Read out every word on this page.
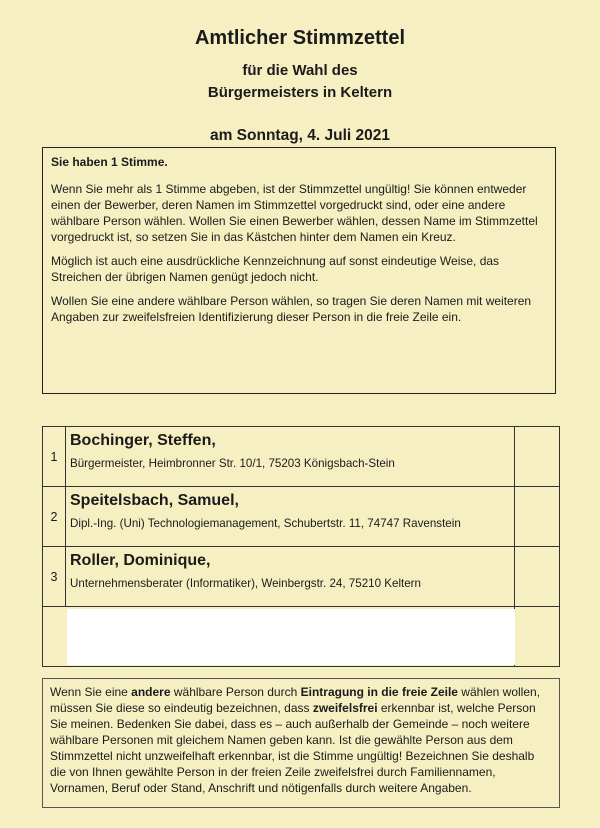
Amtlicher Stimmzettel
für die Wahl des
Bürgermeisters in Keltern
am Sonntag, 4. Juli 2021

Sie haben 1 Stimme.

Wenn Sie mehr als 1 Stimme abgeben, ist der Stimmzettel ungültig! Sie können entweder einen der Bewerber, deren Namen im Stimmzettel vorgedruckt sind, oder eine andere wählbare Person wählen. Wollen Sie einen Bewerber wählen, dessen Name im Stimmzettel vorgedruckt ist, so setzen Sie in das Kästchen hinter dem Namen ein Kreuz.

Möglich ist auch eine ausdrückliche Kennzeichnung auf sonst eindeutige Weise, das Streichen der übrigen Namen genügt jedoch nicht.

Wollen Sie eine andere wählbare Person wählen, so tragen Sie deren Namen mit weiteren Angaben zur zweifelsfreien Identifizierung dieser Person in die freie Zeile ein.

1	Bochinger, Steffen,
Bürgermeister, Heimbronner Str. 10/1, 75203 Königsbach-Stein	

2	Speitelsbach, Samuel,
Dipl.-Ing. (Uni) Technologiemanagement, Schubertstr. 11, 74747 Ravenstein	

3	Roller, Dominique,
Unternehmensberater (Informatiker), Weinbergstr. 24, 75210 Keltern	

Wenn Sie eine andere wählbare Person durch Eintragung in die freie Zeile wählen wollen, müssen Sie diese so eindeutig bezeichnen, dass zweifelsfrei erkennbar ist, welche Person Sie meinen. Bedenken Sie dabei, dass es – auch außerhalb der Gemeinde – noch weitere wählbare Personen mit gleichem Namen geben kann. Ist die gewählte Person aus dem Stimmzettel nicht unzweifelhaft erkennbar, ist die Stimme ungültig! Bezeichnen Sie deshalb die von Ihnen gewählte Person in der freien Zeile zweifelsfrei durch Familiennamen, Vornamen, Beruf oder Stand, Anschrift und nötigenfalls durch weitere Angaben.
